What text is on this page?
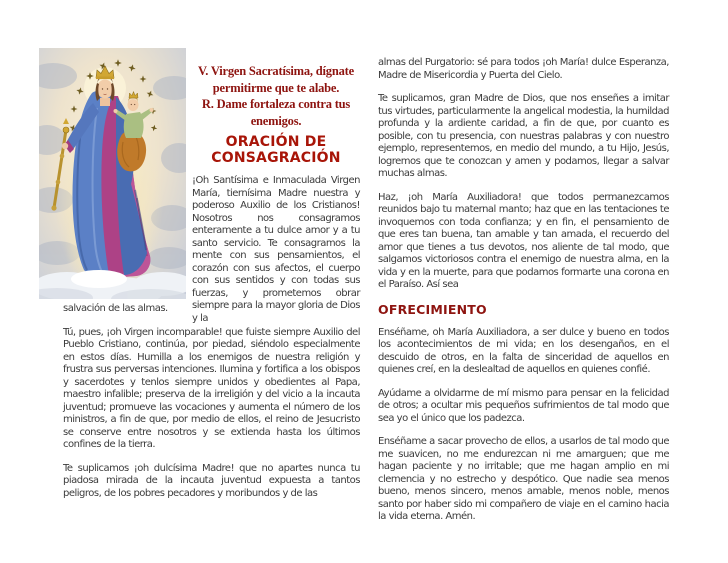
V. Virgen Sacratísima, dígnate
permitirme que te alabe.
R. Dame fortaleza contra tus
enemigos.
ORACIÓN DE
CONSAGRACIÓN

¡Oh Santísima e Inmaculada Virgen María, tiernísima Madre nuestra y poderoso Auxilio de los Cristianos! Nosotros nos consagramos enteramente a tu dulce amor y a tu santo servicio. Te consagramos la mente con sus pensamientos, el corazón con sus afectos, el cuerpo con sus sentidos y con todas sus fuerzas, y prometemos obrar siempre para la mayor gloria de Dios y la

salvación de las almas.

Tú, pues, ¡oh Virgen incomparable! que fuiste siempre Auxilio del Pueblo Cristiano, continúa, por piedad, siéndolo especialmente en estos días. Humilla a los enemigos de nuestra religión y frustra sus perversas intenciones. Ilumina y fortifica a los obispos y sacerdotes y tenlos siempre unidos y obedientes al Papa, maestro infalible; preserva de la irreligión y del vicio a la incauta juventud; promueve las vocaciones y aumenta el número de los ministros, a fin de que, por medio de ellos, el reino de Jesucristo se conserve entre nosotros y se extienda hasta los últimos confines de la tierra.

Te suplicamos ¡oh dulcísima Madre! que no apartes nunca tu piadosa mirada de la incauta juventud expuesta a tantos peligros, de los pobres pecadores y moribundos y de las

almas del Purgatorio: sé para todos ¡oh María! dulce Esperanza, Madre de Misericordia y Puerta del Cielo.

Te suplicamos, gran Madre de Dios, que nos enseñes a imitar tus virtudes, particularmente la angelical modestia, la humildad profunda y la ardiente caridad, a fin de que, por cuanto es posible, con tu presencia, con nuestras palabras y con nuestro ejemplo, representemos, en medio del mundo, a tu Hijo, Jesús, logremos que te conozcan y amen y podamos, llegar a salvar muchas almas.

Haz, ¡oh María Auxiliadora! que todos permanezcamos reunidos bajo tu maternal manto; haz que en las tentaciones te invoquemos con toda confianza; y en fin, el pensamiento de que eres tan buena, tan amable y tan amada, el recuerdo del amor que tienes a tus devotos, nos aliente de tal modo, que salgamos victoriosos contra el enemigo de nuestra alma, en la vida y en la muerte, para que podamos formarte una corona en el Paraíso. Así sea

OFRECIMIENTO

Enséñame, oh María Auxiliadora, a ser dulce y bueno en todos los acontecimientos de mi vida; en los desengaños, en el descuido de otros, en la falta de sinceridad de aquellos en quienes creí, en la deslealtad de aquellos en quienes confié.

Ayúdame a olvidarme de mí mismo para pensar en la felicidad de otros; a ocultar mis pequeños sufrimientos de tal modo que sea yo el único que los padezca.

Enséñame a sacar provecho de ellos, a usarlos de tal modo que me suavicen, no me endurezcan ni me amarguen; que me hagan paciente y no irritable; que me hagan amplio en mi clemencia y no estrecho y despótico. Que nadie sea menos bueno, menos sincero, menos amable, menos noble, menos santo por haber sido mi compañero de viaje en el camino hacia la vida eterna. Amén.
